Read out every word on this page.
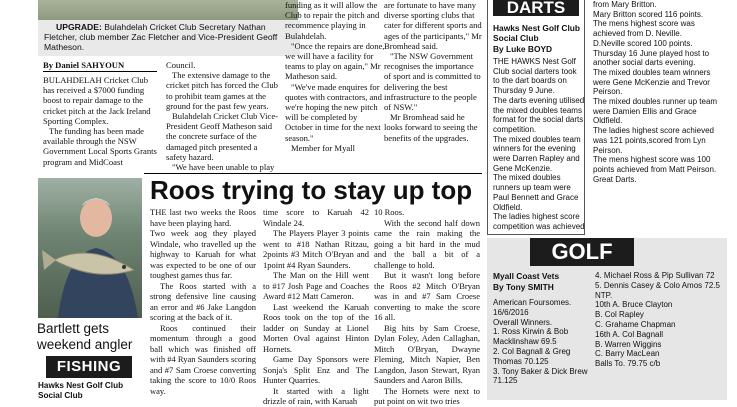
UPGRADE: Bulahdelah Cricket Club Secretary Nathan Fletcher, club member Zac Fletcher and Vice-President Geoff Matheson.
By Daniel SAHYOUN

BULAHDELAH Cricket Club has received a $7000 funding boost to repair damage to the cricket pitch at the Jack Ireland Sporting Complex.

The funding has been made available through the NSW Government Local Sports Grants program and MidCoast

Council.

The extensive damage to the cricket pitch has forced the Club to prohibit team games at the ground for the past few years.

Bulahdelah Cricket Club Vice-President Geoff Matheson said the concrete surface of the damaged pitch presented a safety hazard.

"We have been unable to play

funding as it will allow the Club to repair the pitch and recommence playing in Bulahdelah.

"Once the repairs are done, we will have a facility for teams to play on again," Mr Matheson said.

"We've made enquires for quotes with contractors, and we're hoping the new pitch will be completed by October in time for the next season."

Member for Myall

are fortunate to have many diverse sporting clubs that cater for different sports and ages of the participants," Mr Bromhead said.

"The NSW Government recognises the importance of sport and is committed to delivering the best infrastructure to the people of NSW."

Mr Bromhead said he looks forward to seeing the benefits of the upgrades.

DARTS
Hawks Nest Golf Club Social Club
By Luke BOYD

THE HAWKS Nest Golf Club social darters took to the dart boards on Thursday 9 June.

The darts evening utilised the mixed doubles teams format for the social darts competition.

The mixed doubles team winners for the evening were Darren Rapley and Gene McKenzie.

The mixed doubles runners up team were Paul Bennett and Grace Oldfield.

The ladies highest score competition was achieved

from Mary Britton.

Mary Britton scored 116 points.

The mens highest score was achieved from D. Neville.

D.Neville scored 100 points.

Thursday 16 June played host to another social darts evening.

The mixed doubles team winners were Gene McKenzie and Trevor Peirson.

The mixed doubles runner up team were Damien Ellis and Grace Oldfield.

The ladies highest score achieved was 121 points,scored from Lyn Peirson.

The mens highest score was 100 points achieved from Matt Peirson. Great Darts.

Roos trying to stay up top

THE last two weeks the Roos have been playing hard.

Two week aog they played Windale, who travelled up the highway to Karuah for what was expected to be one of our toughest games thus far.

The Roos started with a strong defensive line causing an error and #6 Jake Langdon scoring at the back of it.

Roos continued their momentum through a good ball which was finished off with #4 Ryan Saunders scoring and #7 Sam Croese converting taking the score to 10/0 Roos way.

time score to Karuah 42 Windale 24.

The Players Player 3 points went to #18 Nathan Ritzau, 2points #3 Mitch O'Bryan and 1point #4 Ryan Saunders.

The Man on the Hill went to #17 Josh Page and Coaches Award #12 Matt Cameron.

Last weekend the Karuah Roos took on the top of the ladder on Sunday at Lionel Morten Oval against Hinton Hornets.

Game Day Sponsors were Sonja's Split Enz and The Hunter Quarries.

It started with a light drizzle of rain, with Karuah

10 Roos.

With the second half down came the rain making the going a bit hard in the mud and the ball a bit of a challenge to hold.

But it wasn't long before the Roos #2 Mitch O'Bryan was in and #7 Sam Croese converting to make the score 16 all.

Big hits by Sam Croese, Dylan Foley, Aden Callaghan, Mitch O'Bryan, Dwayne Fleming, Mitch Napier, Ben Langdon, Jason Stewart, Ryan Saunders and Aaron Bills.

The Hornets were next to put point on wit two tries

Bartlett gets weekend angler
FISHING
Hawks Nest Golf Club Social Club
GOLF
Myall Coast Vets
By Tony SMITH

American Foursomes.

16/6/2016

Overall Winners.

1. Ross Kirwin & Bob Macklinshaw 69.5

2. Col Bagnall & Greg Thomas 70.125

3. Tony Baker & Dick Brew 71.125

4. Michael Ross & Pip Sullivan 72

5. Dennis Casey & Colo Amos 72.5

NTP.

10th A. Bruce Clayton

B. Col Rapley

C. Grahame Chapman

16th A. Col Bagnall

B. Warren Wiggins

C. Barry MacLean

Balls To. 79.75 c/b
